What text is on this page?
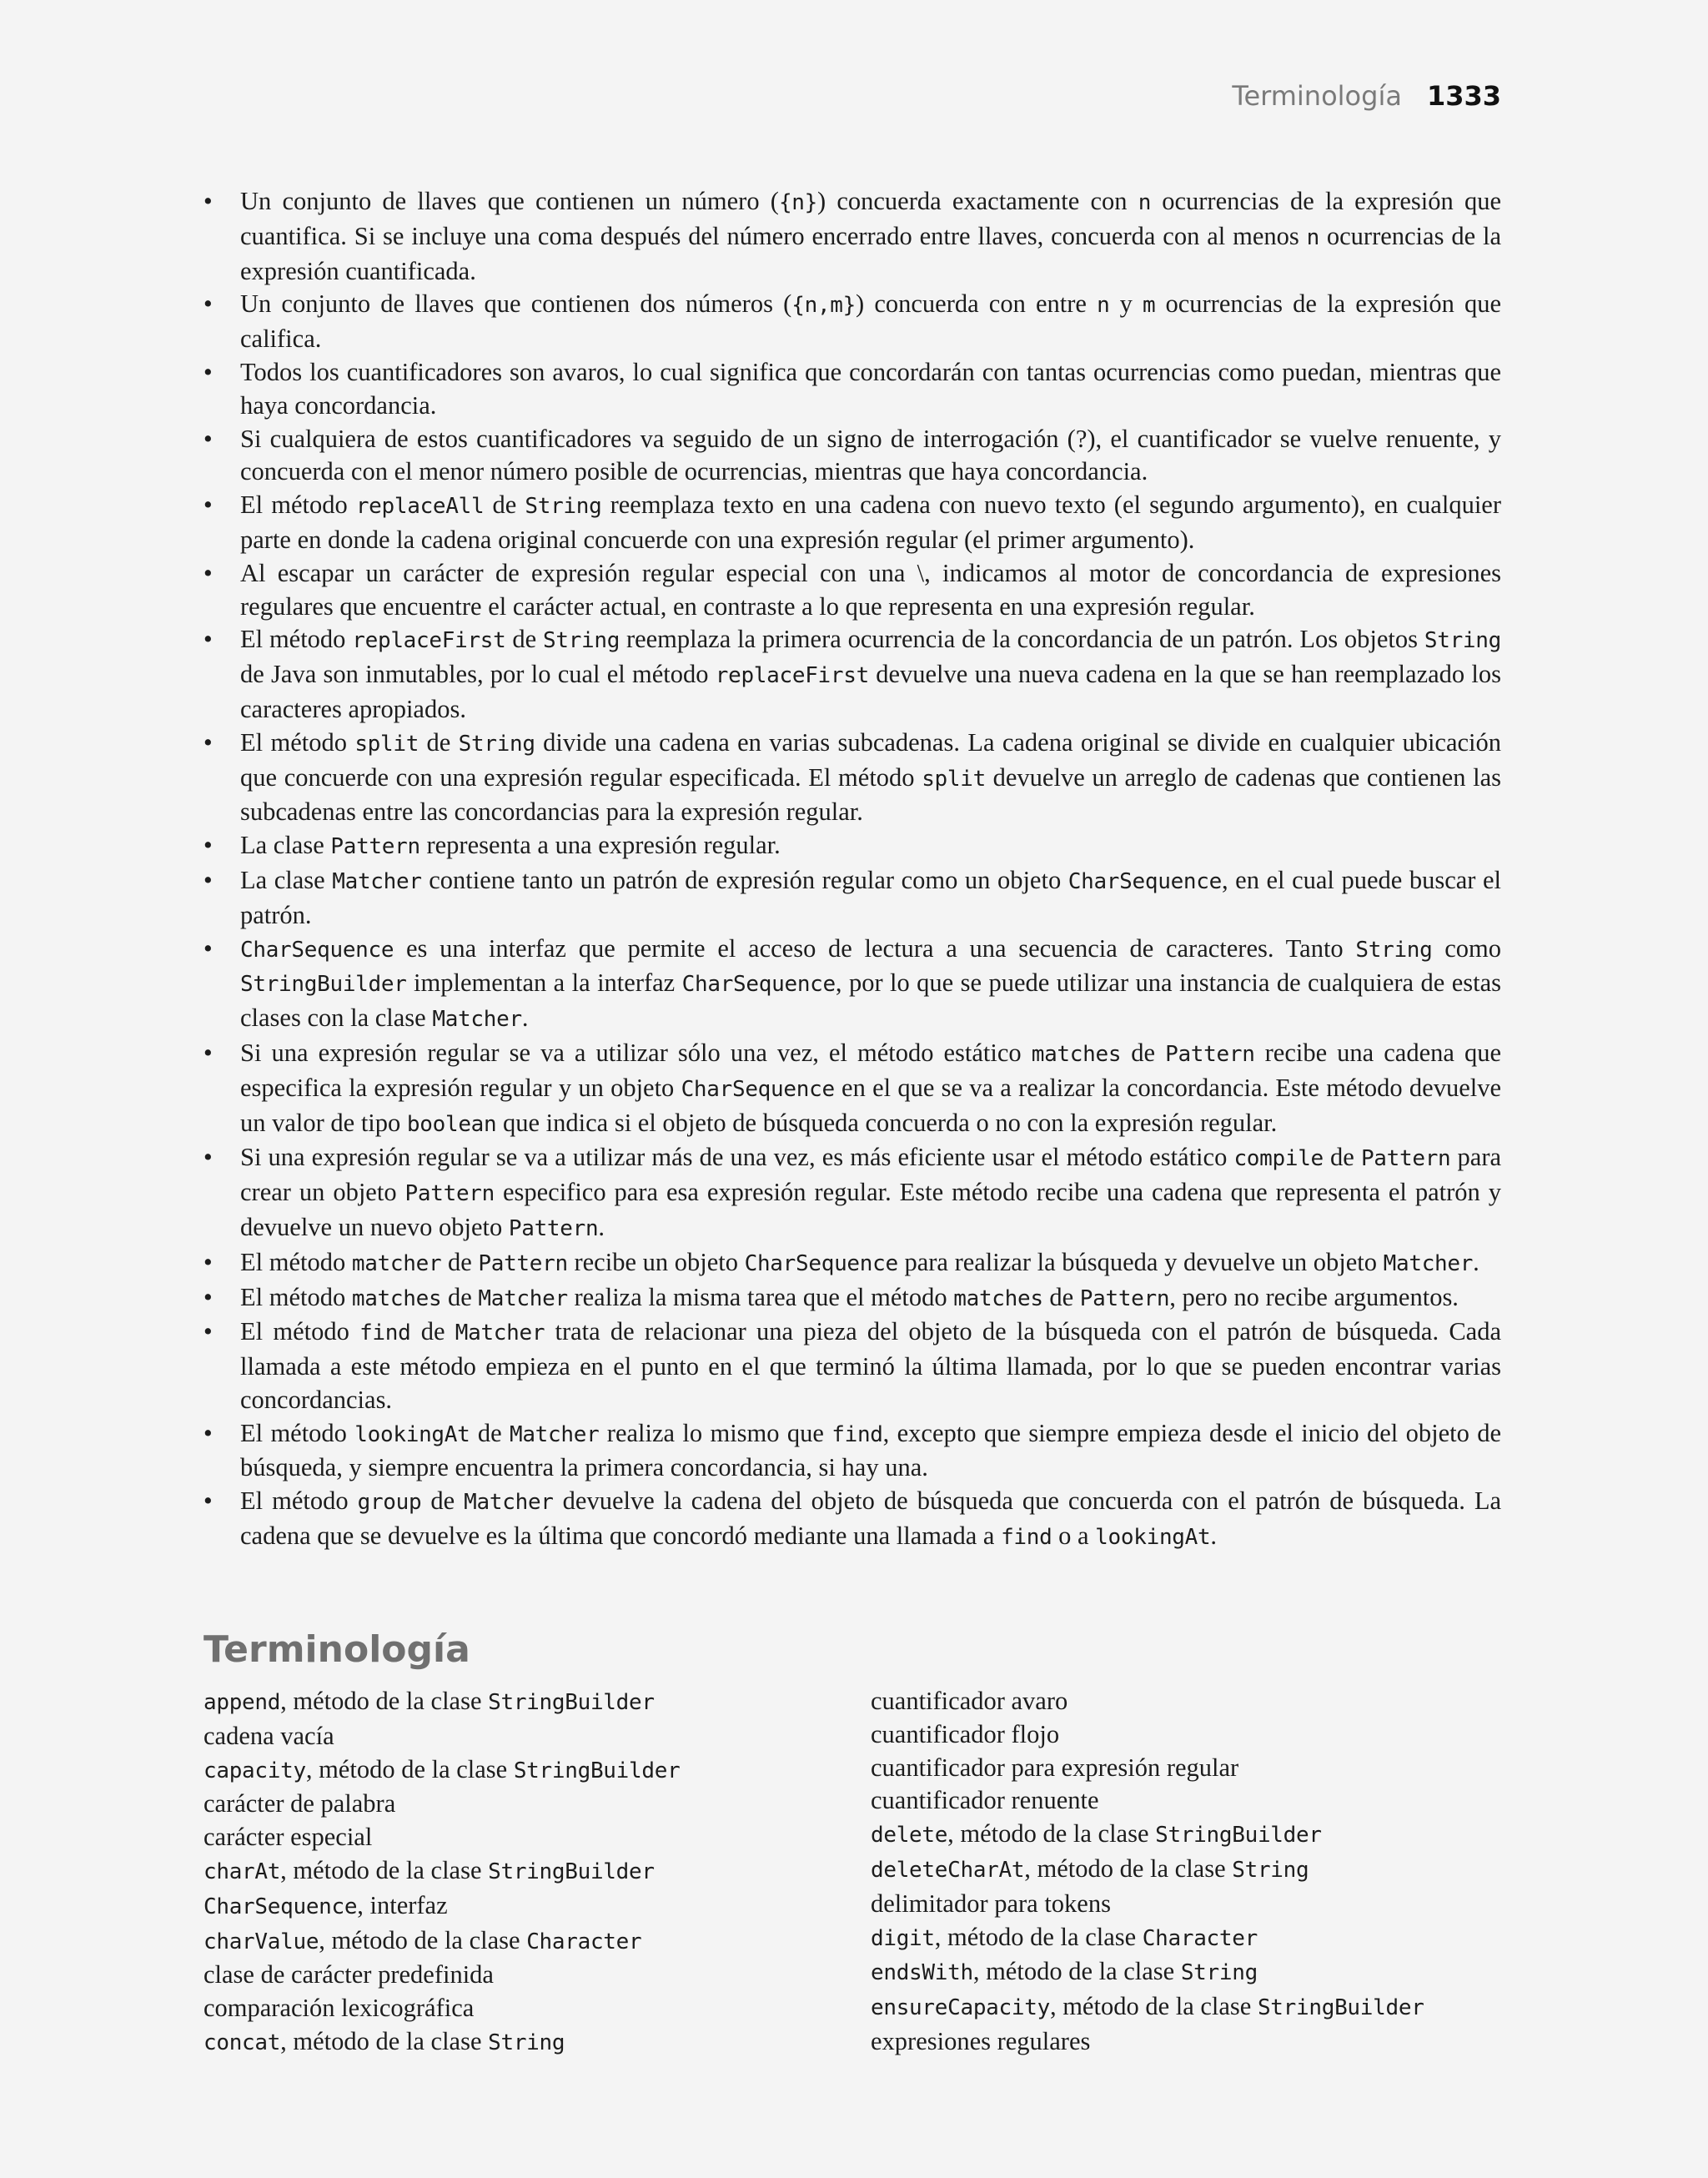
Terminología 1333
• Un conjunto de llaves que contienen un número ({n}) concuerda exactamente con n ocurrencias de la expresión que cuantifica. Si se incluye una coma después del número encerrado entre llaves, concuerda con al menos n ocurrencias de la expresión cuantificada.
• Un conjunto de llaves que contienen dos números ({n,m}) concuerda con entre n y m ocurrencias de la expresión que califica.
• Todos los cuantificadores son avaros, lo cual significa que concordarán con tantas ocurrencias como puedan, mientras que haya concordancia.
• Si cualquiera de estos cuantificadores va seguido de un signo de interrogación (?), el cuantificador se vuelve renuente, y concuerda con el menor número posible de ocurrencias, mientras que haya concordancia.
• El método replaceAll de String reemplaza texto en una cadena con nuevo texto (el segundo argumento), en cualquier parte en donde la cadena original concuerde con una expresión regular (el primer argumento).
• Al escapar un carácter de expresión regular especial con una \, indicamos al motor de concordancia de expresiones regulares que encuentre el carácter actual, en contraste a lo que representa en una expresión regular.
• El método replaceFirst de String reemplaza la primera ocurrencia de la concordancia de un patrón. Los objetos String de Java son inmutables, por lo cual el método replaceFirst devuelve una nueva cadena en la que se han reemplazado los caracteres apropiados.
• El método split de String divide una cadena en varias subcadenas. La cadena original se divide en cualquier ubicación que concuerde con una expresión regular especificada. El método split devuelve un arreglo de cadenas que contienen las subcadenas entre las concordancias para la expresión regular.
• La clase Pattern representa a una expresión regular.
• La clase Matcher contiene tanto un patrón de expresión regular como un objeto CharSequence, en el cual puede buscar el patrón.
• CharSequence es una interfaz que permite el acceso de lectura a una secuencia de caracteres. Tanto String como StringBuilder implementan a la interfaz CharSequence, por lo que se puede utilizar una instancia de cualquiera de estas clases con la clase Matcher.
• Si una expresión regular se va a utilizar sólo una vez, el método estático matches de Pattern recibe una cadena que especifica la expresión regular y un objeto CharSequence en el que se va a realizar la concordancia. Este método devuelve un valor de tipo boolean que indica si el objeto de búsqueda concuerda o no con la expresión regular.
• Si una expresión regular se va a utilizar más de una vez, es más eficiente usar el método estático compile de Pattern para crear un objeto Pattern especifico para esa expresión regular. Este método recibe una cadena que representa el patrón y devuelve un nuevo objeto Pattern.
• El método matcher de Pattern recibe un objeto CharSequence para realizar la búsqueda y devuelve un objeto Matcher.
• El método matches de Matcher realiza la misma tarea que el método matches de Pattern, pero no recibe argumentos.
• El método find de Matcher trata de relacionar una pieza del objeto de la búsqueda con el patrón de búsqueda. Cada llamada a este método empieza en el punto en el que terminó la última llamada, por lo que se pueden encontrar varias concordancias.
• El método lookingAt de Matcher realiza lo mismo que find, excepto que siempre empieza desde el inicio del objeto de búsqueda, y siempre encuentra la primera concordancia, si hay una.
• El método group de Matcher devuelve la cadena del objeto de búsqueda que concuerda con el patrón de búsqueda. La cadena que se devuelve es la última que concordó mediante una llamada a find o a lookingAt.
Terminología
append, método de la clase StringBuilder
cadena vacía
capacity, método de la clase StringBuilder
carácter de palabra
carácter especial
charAt, método de la clase StringBuilder
CharSequence, interfaz
charValue, método de la clase Character
clase de carácter predefinida
comparación lexicográfica
concat, método de la clase String
cuantificador avaro
cuantificador flojo
cuantificador para expresión regular
cuantificador renuente
delete, método de la clase StringBuilder
deleteCharAt, método de la clase String
delimitador para tokens
digit, método de la clase Character
endsWith, método de la clase String
ensureCapacity, método de la clase StringBuilder
expresiones regulares
